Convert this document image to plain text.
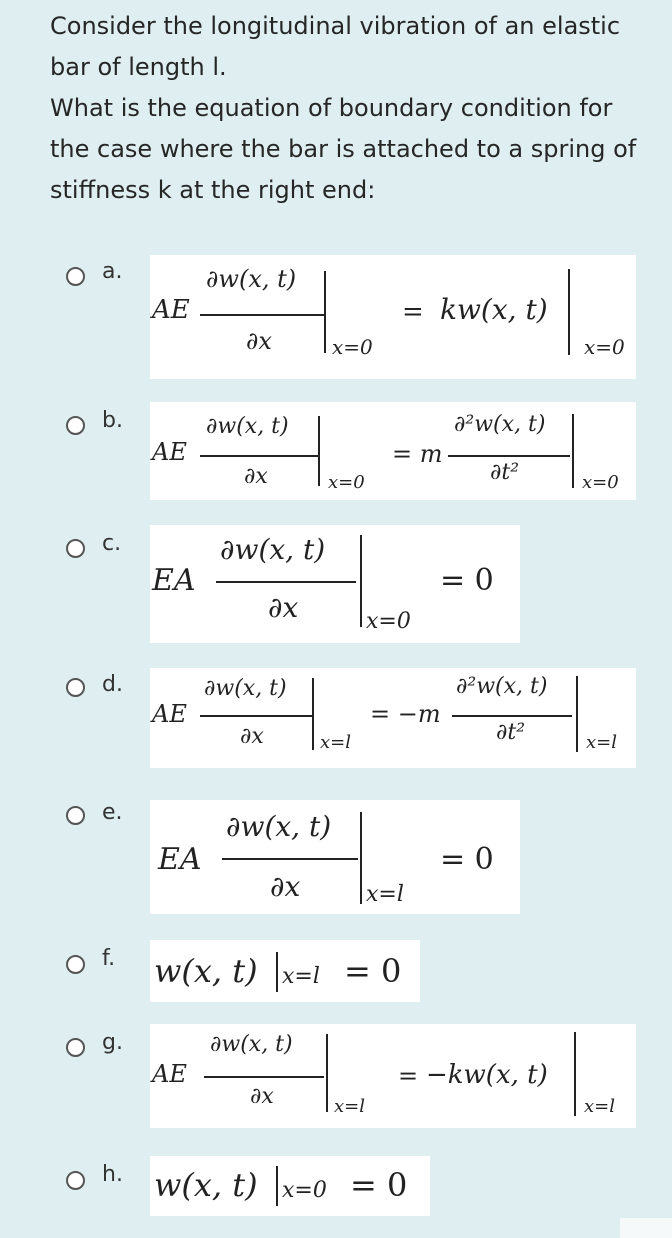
Consider the longitudinal vibration of an elastic bar of length l.

What is the equation of boundary condition for the case where the bar is attached to a spring of stiffness k at the right end:

a.
AE
∂w(x, t)
∂x	x=0
= kw(x, t)
x=0
b.
AE
∂w(x, t)
∂x	x=0
= m
∂²w(x, t)
∂t²	x=0
c.
EA
∂w(x, t)
∂x	x=0
= 0
d.
AE
∂w(x, t)
∂x	x=l
= −m
∂²w(x, t)
∂t²	x=l
e.
EA
∂w(x, t)
∂x	x=l
= 0
f. w(x, t) x=l = 0
g.
AE
∂w(x, t)
∂x	x=l
= −kw(x, t)
x=l
h. w(x, t) x=0 = 0
